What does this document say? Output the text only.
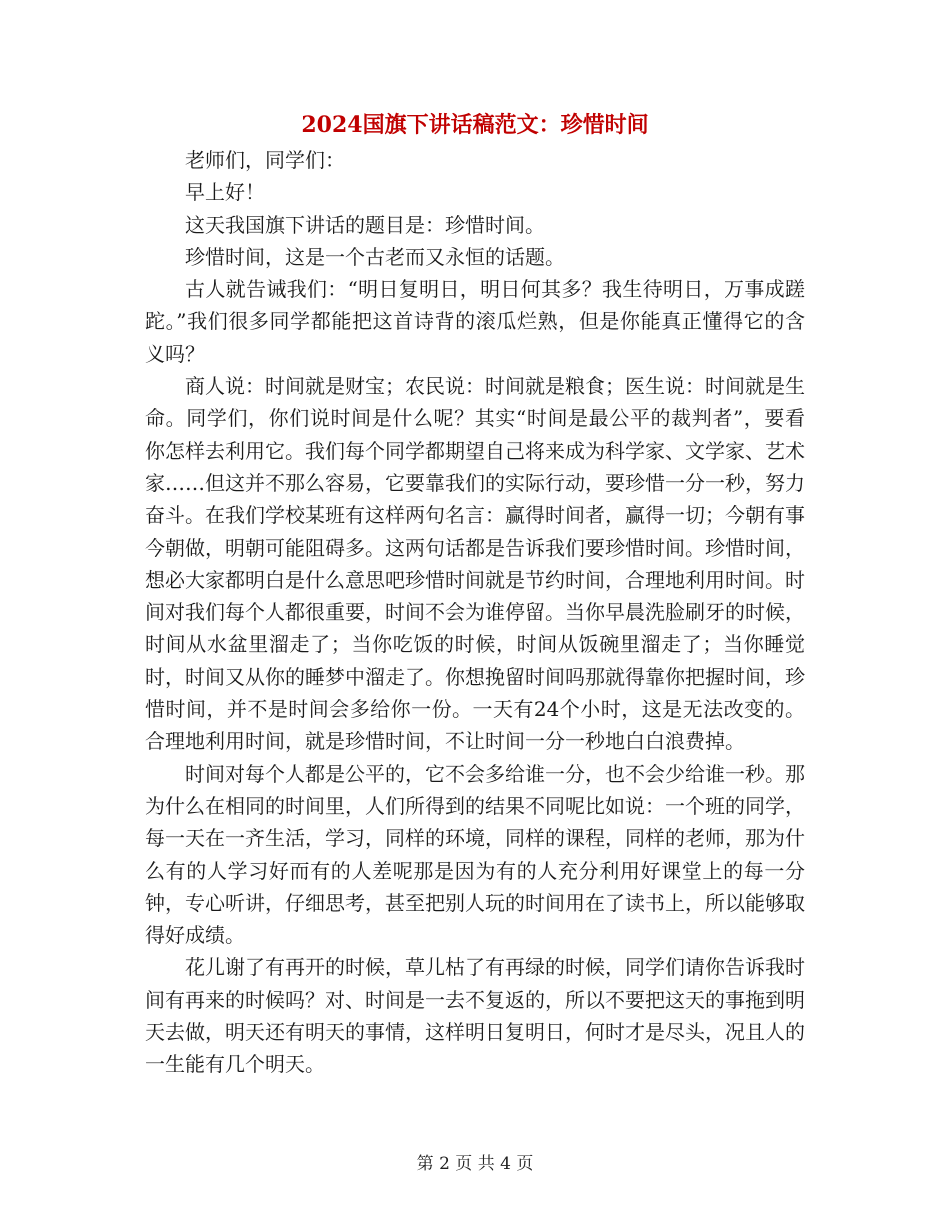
2024国旗下讲话稿范文：珍惜时间

老师们，同学们：

早上好！

这天我国旗下讲话的题目是：珍惜时间。

珍惜时间，这是一个古老而又永恒的话题。

古人就告诫我们：“明日复明日，明日何其多？我生待明日，万事成蹉跎。”我们很多同学都能把这首诗背的滚瓜烂熟，但是你能真正懂得它的含义吗？

商人说：时间就是财宝；农民说：时间就是粮食；医生说：时间就是生命。同学们，你们说时间是什么呢？其实“时间是最公平的裁判者”，要看你怎样去利用它。我们每个同学都期望自己将来成为科学家、文学家、艺术家……但这并不那么容易，它要靠我们的实际行动，要珍惜一分一秒，努力奋斗。在我们学校某班有这样两句名言：赢得时间者，赢得一切；今朝有事今朝做，明朝可能阻碍多。这两句话都是告诉我们要珍惜时间。珍惜时间，想必大家都明白是什么意思吧珍惜时间就是节约时间，合理地利用时间。时间对我们每个人都很重要，时间不会为谁停留。当你早晨洗脸刷牙的时候，时间从水盆里溜走了；当你吃饭的时候，时间从饭碗里溜走了；当你睡觉时，时间又从你的睡梦中溜走了。你想挽留时间吗那就得靠你把握时间，珍惜时间，并不是时间会多给你一份。一天有24个小时，这是无法改变的。合理地利用时间，就是珍惜时间，不让时间一分一秒地白白浪费掉。

时间对每个人都是公平的，它不会多给谁一分，也不会少给谁一秒。那为什么在相同的时间里，人们所得到的结果不同呢比如说：一个班的同学，每一天在一齐生活，学习，同样的环境，同样的课程，同样的老师，那为什么有的人学习好而有的人差呢那是因为有的人充分利用好课堂上的每一分钟，专心听讲，仔细思考，甚至把别人玩的时间用在了读书上，所以能够取得好成绩。

花儿谢了有再开的时候，草儿枯了有再绿的时候，同学们请你告诉我时间有再来的时候吗？对、时间是一去不复返的，所以不要把这天的事拖到明天去做，明天还有明天的事情，这样明日复明日，何时才是尽头，况且人的一生能有几个明天。

第 2 页 共 4 页
